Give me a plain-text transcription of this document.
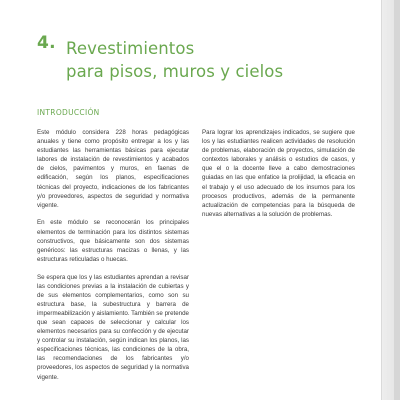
4. Revestimientos
para pisos, muros y cielos
INTRODUCCIÓN

Este módulo considera 228 horas pedagógicas anuales y tiene como propósito entregar a los y las estudiantes las herramientas básicas para ejecutar labores de instalación de revestimientos y acabados de cielos, pavimentos y muros, en faenas de edificación, según los planos, especificaciones técnicas del proyecto, indicaciones de los fabricantes y/o proveedores, aspectos de seguridad y normativa vigente.

En este módulo se reconocerán los principales elementos de terminación para los distintos sistemas constructivos, que básicamente son dos sistemas genéricos: las estructuras macizas o llenas, y las estructuras reticuladas o huecas.

Se espera que los y las estudiantes aprendan a revisar las condiciones previas a la instalación de cubiertas y de sus elementos complementarios, como son su estructura base, la subestructura y barrera de impermeabilización y aislamiento. También se pretende que sean capaces de seleccionar y calcular los elementos necesarios para su confección y de ejecutar y controlar su instalación, según indican los planos, las especificaciones técnicas, las condiciones de la obra, las recomendaciones de los fabricantes y/o proveedores, los aspectos de seguridad y la normativa vigente.

Para lograr los aprendizajes indicados, se sugiere que los y las estudiantes realicen actividades de resolución de problemas, elaboración de proyectos, simulación de contextos laborales y análisis o estudios de casos, y que el o la docente lleve a cabo demostraciones guiadas en las que enfatice la prolijidad, la eficacia en el trabajo y el uso adecuado de los insumos para los procesos productivos, además de la permanente actualización de competencias para la búsqueda de nuevas alternativas a la solución de problemas.
